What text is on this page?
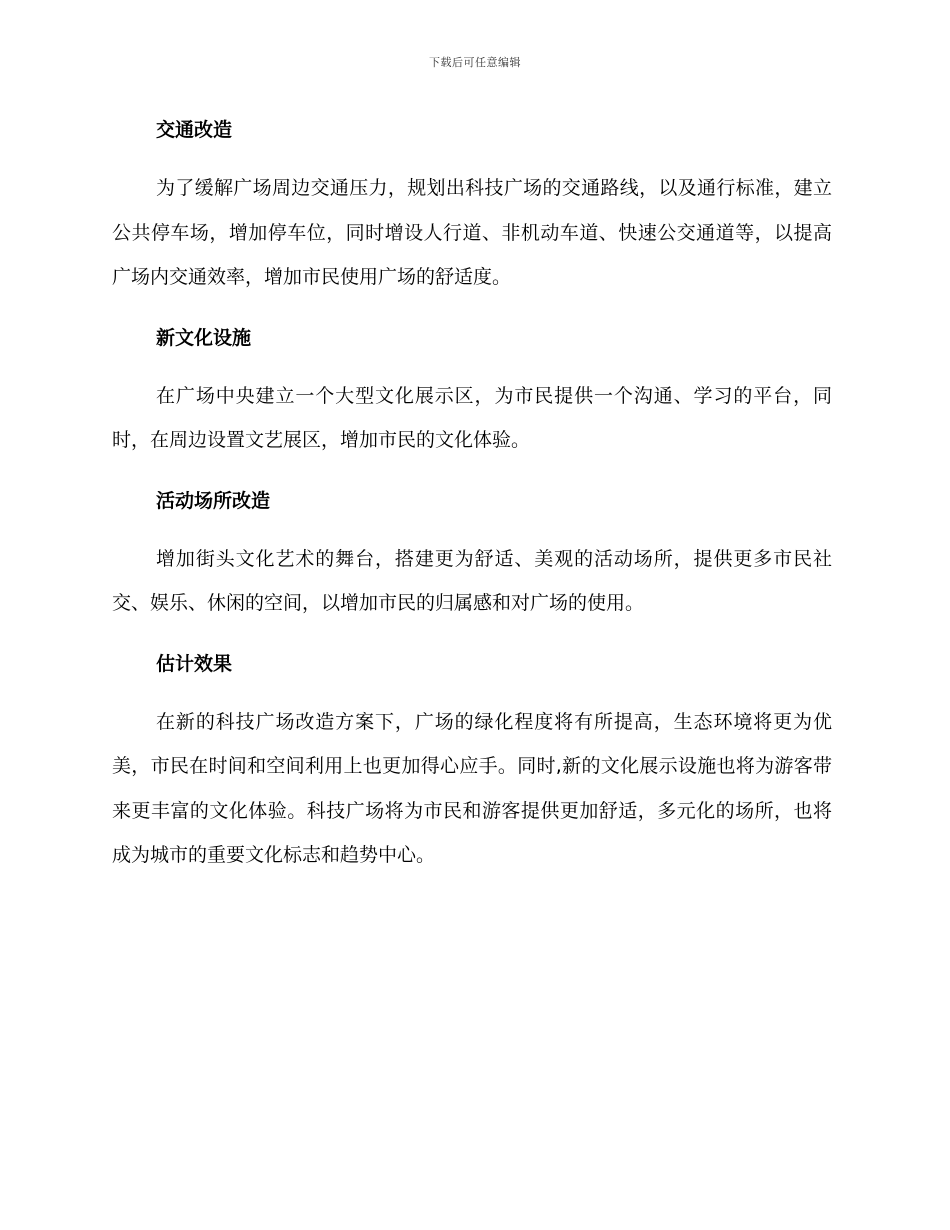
下载后可任意编辑
交通改造

为了缓解广场周边交通压力，规划出科技广场的交通路线，以及通行标准，建立公共停车场，增加停车位，同时增设人行道、非机动车道、快速公交通道等，以提高广场内交通效率，增加市民使用广场的舒适度。

新文化设施

在广场中央建立一个大型文化展示区，为市民提供一个沟通、学习的平台，同时，在周边设置文艺展区，增加市民的文化体验。

活动场所改造

增加街头文化艺术的舞台，搭建更为舒适、美观的活动场所，提供更多市民社交、娱乐、休闲的空间，以增加市民的归属感和对广场的使用。

估计效果

在新的科技广场改造方案下，广场的绿化程度将有所提高，生态环境将更为优美，市民在时间和空间利用上也更加得心应手。同时,新的文化展示设施也将为游客带来更丰富的文化体验。科技广场将为市民和游客提供更加舒适，多元化的场所，也将成为城市的重要文化标志和趋势中心。
